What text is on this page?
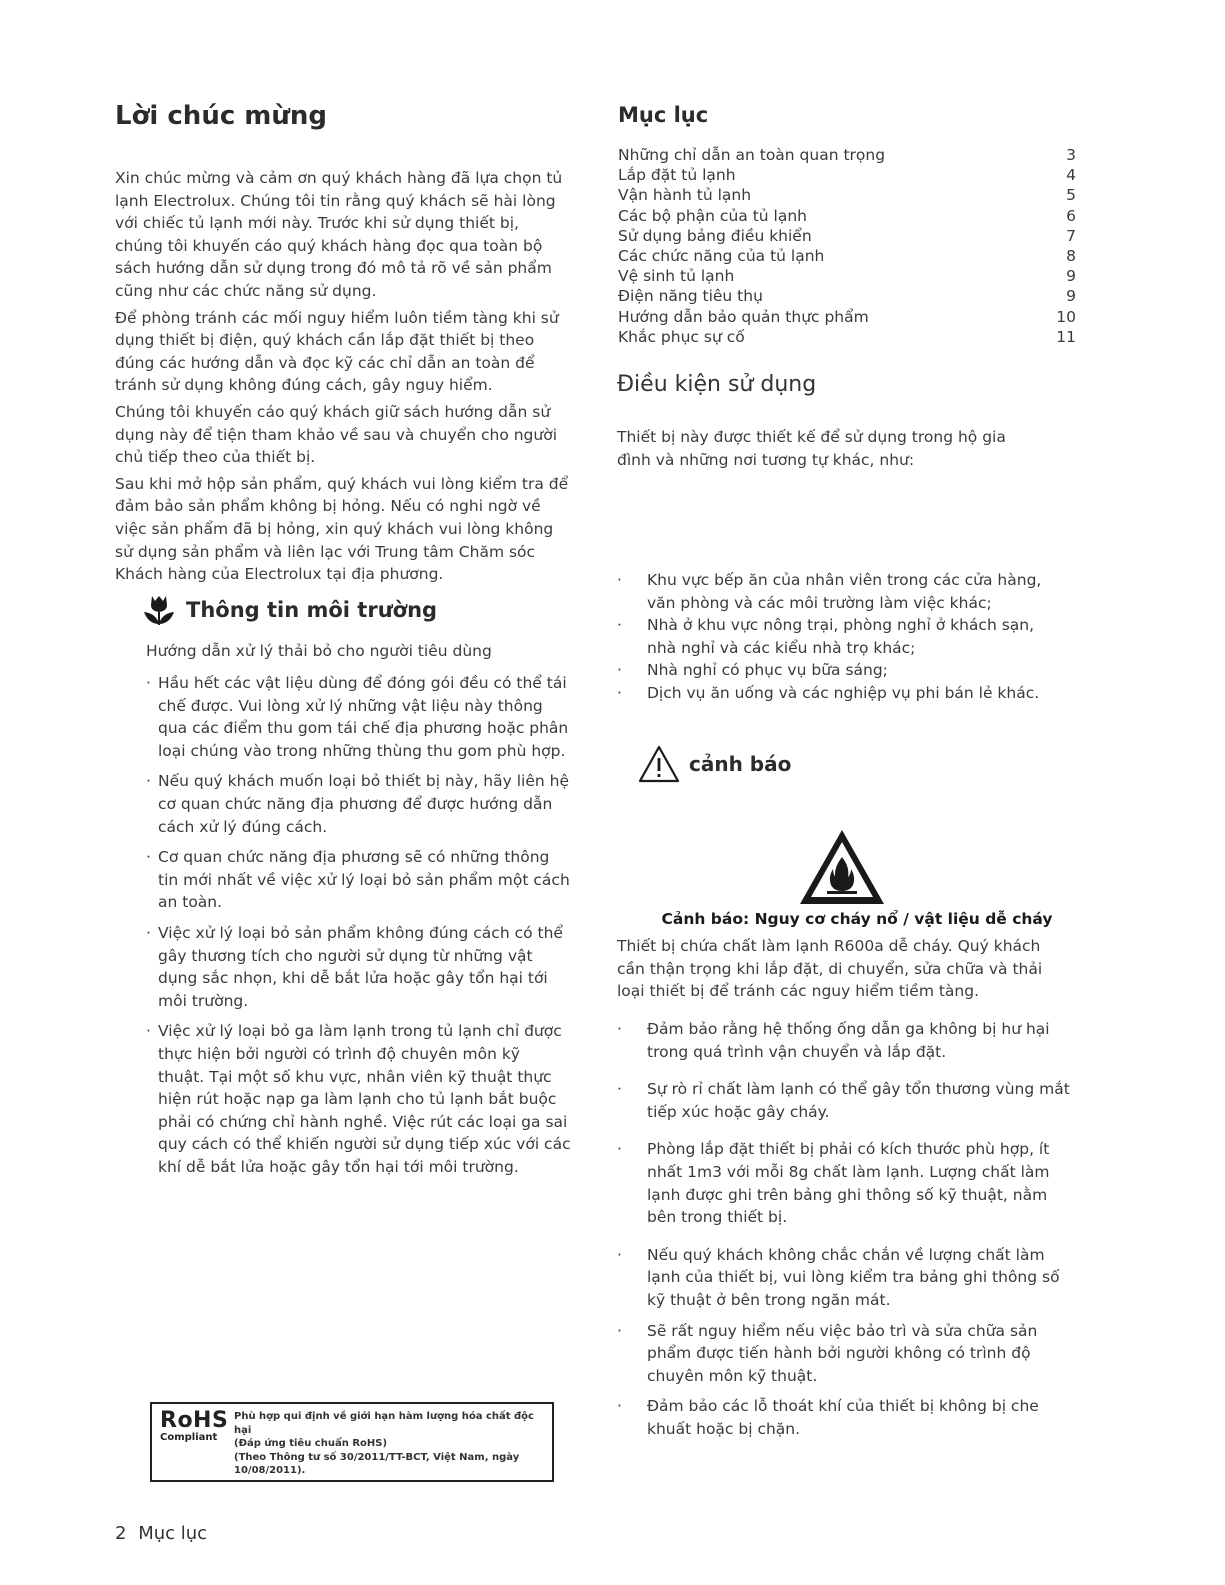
Lời chúc mừng

Xin chúc mừng và cảm ơn quý khách hàng đã lựa chọn tủ lạnh Electrolux. Chúng tôi tin rằng quý khách sẽ hài lòng với chiếc tủ lạnh mới này. Trước khi sử dụng thiết bị, chúng tôi khuyến cáo quý khách hàng đọc qua toàn bộ sách hướng dẫn sử dụng trong đó mô tả rõ về sản phẩm cũng như các chức năng sử dụng.

Để phòng tránh các mối nguy hiểm luôn tiềm tàng khi sử dụng thiết bị điện, quý khách cần lắp đặt thiết bị theo đúng các hướng dẫn và đọc kỹ các chỉ dẫn an toàn để tránh sử dụng không đúng cách, gây nguy hiểm.

Chúng tôi khuyến cáo quý khách giữ sách hướng dẫn sử dụng này để tiện tham khảo về sau và chuyển cho người chủ tiếp theo của thiết bị.

Sau khi mở hộp sản phẩm, quý khách vui lòng kiểm tra để đảm bảo sản phẩm không bị hỏng. Nếu có nghi ngờ về việc sản phẩm đã bị hỏng, xin quý khách vui lòng không sử dụng sản phẩm và liên lạc với Trung tâm Chăm sóc Khách hàng của Electrolux tại địa phương.

Thông tin môi trường
Hướng dẫn xử lý thải bỏ cho người tiêu dùng
· Hầu hết các vật liệu dùng để đóng gói đều có thể tái chế được. Vui lòng xử lý những vật liệu này thông qua các điểm thu gom tái chế địa phương hoặc phân loại chúng vào trong những thùng thu gom phù hợp.
· Nếu quý khách muốn loại bỏ thiết bị này, hãy liên hệ cơ quan chức năng địa phương để được hướng dẫn cách xử lý đúng cách.
· Cơ quan chức năng địa phương sẽ có những thông tin mới nhất về việc xử lý loại bỏ sản phẩm một cách an toàn.
· Việc xử lý loại bỏ sản phẩm không đúng cách có thể gây thương tích cho người sử dụng từ những vật dụng sắc nhọn, khi dễ bắt lửa hoặc gây tổn hại tới môi trường.
· Việc xử lý loại bỏ ga làm lạnh trong tủ lạnh chỉ được thực hiện bởi người có trình độ chuyên môn kỹ thuật. Tại một số khu vực, nhân viên kỹ thuật thực hiện rút hoặc nạp ga làm lạnh cho tủ lạnh bắt buộc phải có chứng chỉ hành nghề. Việc rút các loại ga sai quy cách có thể khiến người sử dụng tiếp xúc với các khí dễ bắt lửa hoặc gây tổn hại tới môi trường.
RoHS
Compliant
Phù hợp qui định về giới hạn hàm lượng hóa chất độc hại
(Đáp ứng tiêu chuẩn RoHS)
(Theo Thông tư số 30/2011/TT-BCT, Việt Nam, ngày
10/08/2011).
2 Mục lục
Mục lục
Những chỉ dẫn an toàn quan trọng	3
Lắp đặt tủ lạnh	4
Vận hành tủ lạnh	5
Các bộ phận của tủ lạnh	6
Sử dụng bảng điều khiển	7
Các chức năng của tủ lạnh	8
Vệ sinh tủ lạnh	9
Điện năng tiêu thụ	9
Hướng dẫn bảo quản thực phẩm	10
Khắc phục sự cố	11
Điều kiện sử dụng
Thiết bị này được thiết kế để sử dụng trong hộ gia đình và những nơi tương tự khác, như:
· Khu vực bếp ăn của nhân viên trong các cửa hàng, văn phòng và các môi trường làm việc khác;
· Nhà ở khu vực nông trại, phòng nghỉ ở khách sạn, nhà nghỉ và các kiểu nhà trọ khác;
· Nhà nghỉ có phục vụ bữa sáng;
· Dịch vụ ăn uống và các nghiệp vụ phi bán lẻ khác.
cảnh báo
Cảnh báo: Nguy cơ cháy nổ / vật liệu dễ cháy
Thiết bị chứa chất làm lạnh R600a dễ cháy. Quý khách cần thận trọng khi lắp đặt, di chuyển, sửa chữa và thải loại thiết bị để tránh các nguy hiểm tiềm tàng.
· Đảm bảo rằng hệ thống ống dẫn ga không bị hư hại trong quá trình vận chuyển và lắp đặt.
· Sự rò rỉ chất làm lạnh có thể gây tổn thương vùng mắt tiếp xúc hoặc gây cháy.
· Phòng lắp đặt thiết bị phải có kích thước phù hợp, ít nhất 1m3 với mỗi 8g chất làm lạnh. Lượng chất làm lạnh được ghi trên bảng ghi thông số kỹ thuật, nằm bên trong thiết bị.
· Nếu quý khách không chắc chắn về lượng chất làm lạnh của thiết bị, vui lòng kiểm tra bảng ghi thông số kỹ thuật ở bên trong ngăn mát.
· Sẽ rất nguy hiểm nếu việc bảo trì và sửa chữa sản phẩm được tiến hành bởi người không có trình độ chuyên môn kỹ thuật.
· Đảm bảo các lỗ thoát khí của thiết bị không bị che khuất hoặc bị chặn.
